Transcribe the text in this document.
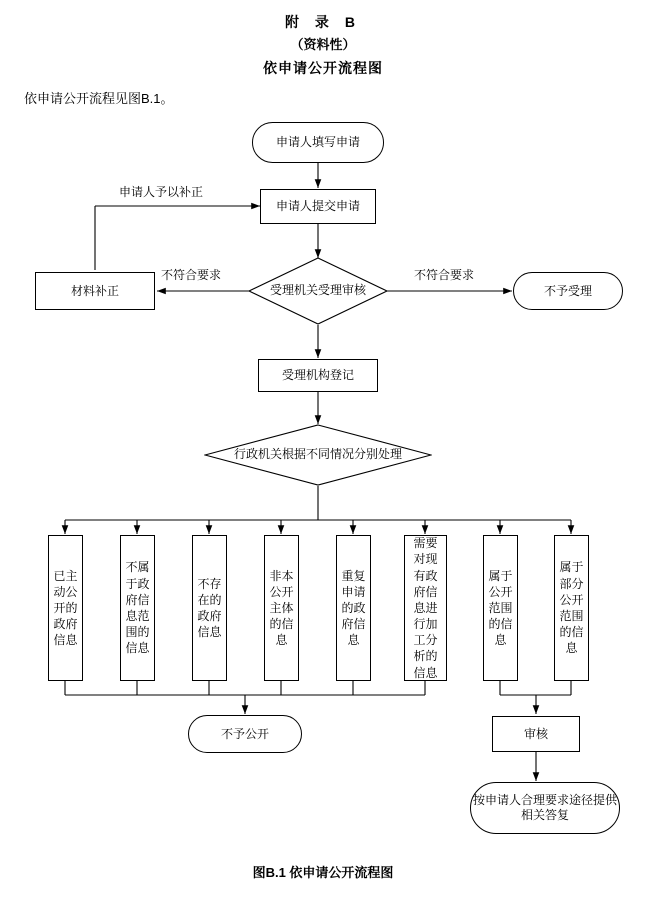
附 录 B
（资料性）
依申请公开流程图
依申请公开流程见图B.1。
申请人填写申请
申请人提交申请
受理机关受理审核
材料补正	不予受理
受理机构登记
行政机关根据不同情况分别处理
已主动公开的政府信息
不属于政府信息范围的信息
不存在的政府信息
非本公开主体的信息
重复申请的政府信息
需要对现有政府信息进行加工分析的信息
属于公开范围的信息
属于部分公开范围的信息
不予公开	审核
按申请人合理要求途径提供相关答复
申请人予以补正
不符合要求	不符合要求
图B.1 依申请公开流程图
